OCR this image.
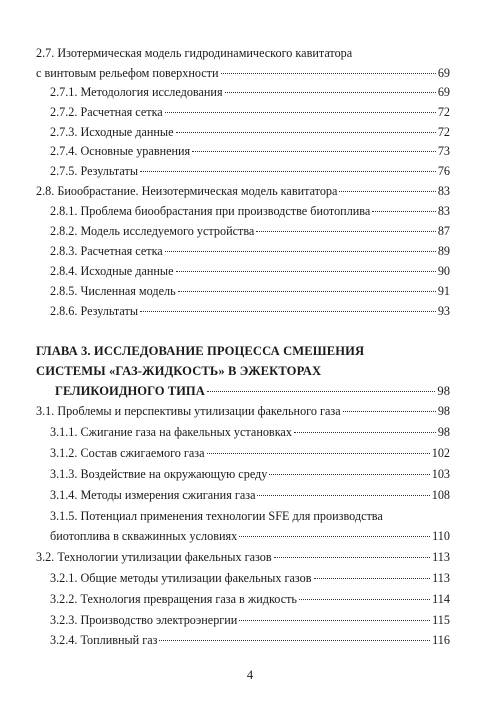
2.7. Изотермическая модель гидродинамического кавитатора
с винтовым рельефом поверхности	69
2.7.1. Методология исследования	69
2.7.2. Расчетная сетка	72
2.7.3. Исходные данные	72
2.7.4. Основные уравнения	73
2.7.5. Результаты	76
2.8. Биообрастание. Неизотермическая модель кавитатора	83
2.8.1. Проблема биообрастания при производстве биотоплива	83
2.8.2. Модель исследуемого устройства	87
2.8.3. Расчетная сетка	89
2.8.4. Исходные данные	90
2.8.5. Численная модель	91
2.8.6. Результаты	93
ГЛАВА 3. ИССЛЕДОВАНИЕ ПРОЦЕССА СМЕШЕНИЯ
СИСТЕМЫ «ГАЗ-ЖИДКОСТЬ» В ЭЖЕКТОРАХ
ГЕЛИКОИДНОГО ТИПА	98
3.1. Проблемы и перспективы утилизации факельного газа	98
3.1.1. Сжигание газа на факельных установках	98
3.1.2. Состав сжигаемого газа	102
3.1.3. Воздействие на окружающую среду	103
3.1.4. Методы измерения сжигания газа	108
3.1.5. Потенциал применения технологии SFE для производства
биотоплива в скважинных условиях	110
3.2. Технологии утилизации факельных газов	113
3.2.1. Общие методы утилизации факельных газов	113
3.2.2. Технология превращения газа в жидкость	114
3.2.3. Производство электроэнергии	115
3.2.4. Топливный газ	116
4
